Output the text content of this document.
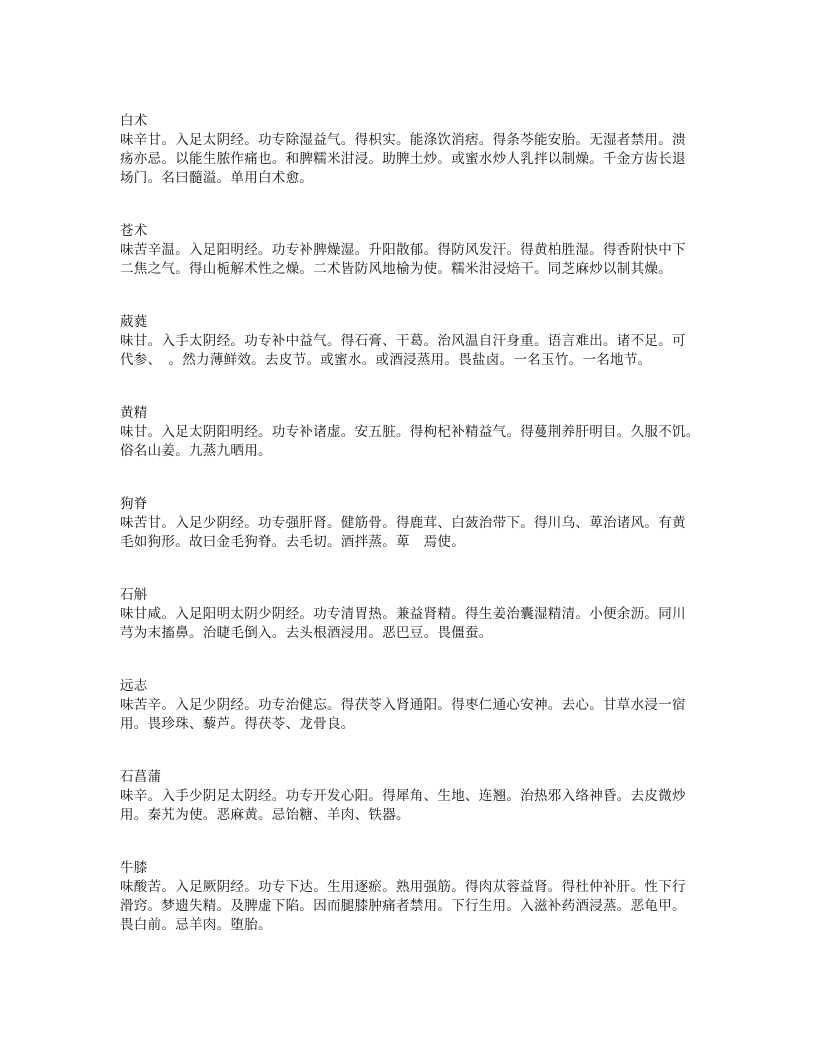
白术
味辛甘。入足太阴经。功专除湿益气。得枳实。能涤饮消痞。得条芩能安胎。无湿者禁用。溃
疡亦忌。以能生脓作痛也。和脾糯米泔浸。助脾土炒。或蜜水炒人乳拌以制燥。千金方齿长退
场门。名曰髓溢。单用白术愈。
苍术
味苦辛温。入足阳明经。功专补脾燥湿。升阳散郁。得防风发汗。得黄柏胜湿。得香附快中下
二焦之气。得山栀解术性之燥。二术皆防风地榆为使。糯米泔浸焙干。同芝麻炒以制其燥。
葳蕤
味甘。入手太阴经。功专补中益气。得石膏、干葛。治风温自汗身重。语言难出。诸不足。可
代参、　。然力薄鲜效。去皮节。或蜜水。或酒浸蒸用。畏盐卤。一名玉竹。一名地节。
黄精
味甘。入足太阴阳明经。功专补诸虚。安五脏。得枸杞补精益气。得蔓荆养肝明目。久服不饥。
俗名山姜。九蒸九晒用。
狗脊
味苦甘。入足少阴经。功专强肝肾。健筋骨。得鹿茸、白蔹治带下。得川乌、萆治诸风。有黄
毛如狗形。故曰金毛狗脊。去毛切。酒拌蒸。萆　焉使。
石斛
味甘咸。入足阳明太阴少阴经。功专清胃热。兼益肾精。得生姜治囊湿精清。小便余沥。同川
芎为末搐鼻。治睫毛倒入。去头根酒浸用。恶巴豆。畏僵蚕。
远志
味苦辛。入足少阴经。功专治健忘。得茯苓入肾通阳。得枣仁通心安神。去心。甘草水浸一宿
用。畏珍珠、藜芦。得茯苓、龙骨良。
石菖蒲
味辛。入手少阴足太阴经。功专开发心阳。得犀角、生地、连翘。治热邪入络神昏。去皮微炒
用。秦艽为使。恶麻黄。忌饴糖、羊肉、铁器。
牛膝
味酸苦。入足厥阴经。功专下达。生用逐瘀。熟用强筋。得肉苁蓉益肾。得杜仲补肝。性下行
滑窍。梦遗失精。及脾虚下陷。因而腿膝肿痛者禁用。下行生用。入滋补药酒浸蒸。恶龟甲。
畏白前。忌羊肉。堕胎。
